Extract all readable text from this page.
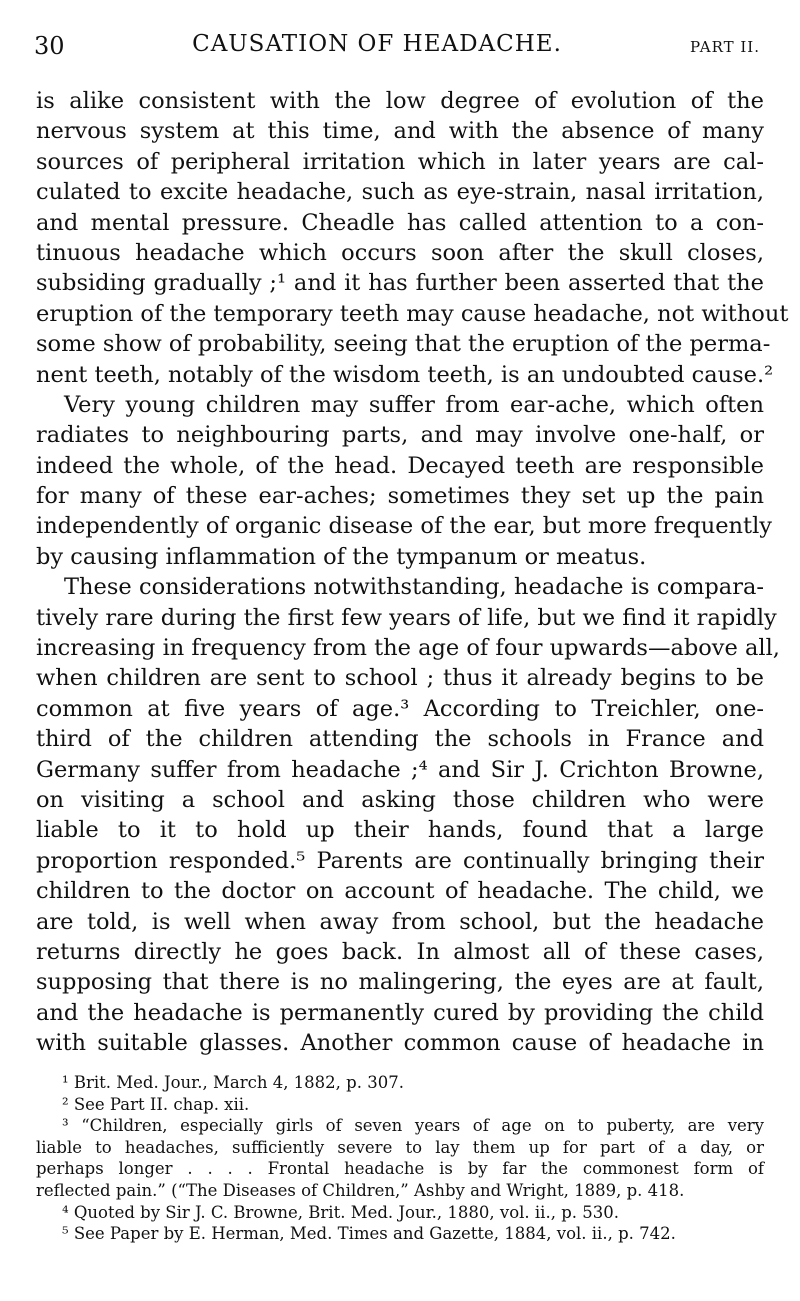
30	CAUSATION OF HEADACHE.	PART II.
is alike consistent with the low degree of evolution of the
nervous system at this time, and with the absence of many
sources of peripheral irritation which in later years are cal-
culated to excite headache, such as eye-strain, nasal irritation,
and mental pressure. Cheadle has called attention to a con-
tinuous headache which occurs soon after the skull closes,
subsiding gradually ;¹ and it has further been asserted that the
eruption of the temporary teeth may cause headache, not without
some show of probability, seeing that the eruption of the perma-
nent teeth, notably of the wisdom teeth, is an undoubted cause.²
Very young children may suffer from ear-ache, which often
radiates to neighbouring parts, and may involve one-half, or
indeed the whole, of the head. Decayed teeth are responsible
for many of these ear-aches; sometimes they set up the pain
independently of organic disease of the ear, but more frequently
by causing inflammation of the tympanum or meatus.
These considerations notwithstanding, headache is compara-
tively rare during the first few years of life, but we find it rapidly
increasing in frequency from the age of four upwards—above all,
when children are sent to school ; thus it already begins to be
common at five years of age.³ According to Treichler, one-
third of the children attending the schools in France and
Germany suffer from headache ;⁴ and Sir J. Crichton Browne,
on visiting a school and asking those children who were
liable to it to hold up their hands, found that a large
proportion responded.⁵ Parents are continually bringing their
children to the doctor on account of headache. The child, we
are told, is well when away from school, but the headache
returns directly he goes back. In almost all of these cases,
supposing that there is no malingering, the eyes are at fault,
and the headache is permanently cured by providing the child
with suitable glasses. Another common cause of headache in
¹ Brit. Med. Jour., March 4, 1882, p. 307.
² See Part II. chap. xii.
³ “Children, especially girls of seven years of age on to puberty, are very
liable to headaches, sufficiently severe to lay them up for part of a day, or
perhaps longer . . . . Frontal headache is by far the commonest form of
reflected pain.” (“The Diseases of Children,” Ashby and Wright, 1889, p. 418.
⁴ Quoted by Sir J. C. Browne, Brit. Med. Jour., 1880, vol. ii., p. 530.
⁵ See Paper by E. Herman, Med. Times and Gazette, 1884, vol. ii., p. 742.
